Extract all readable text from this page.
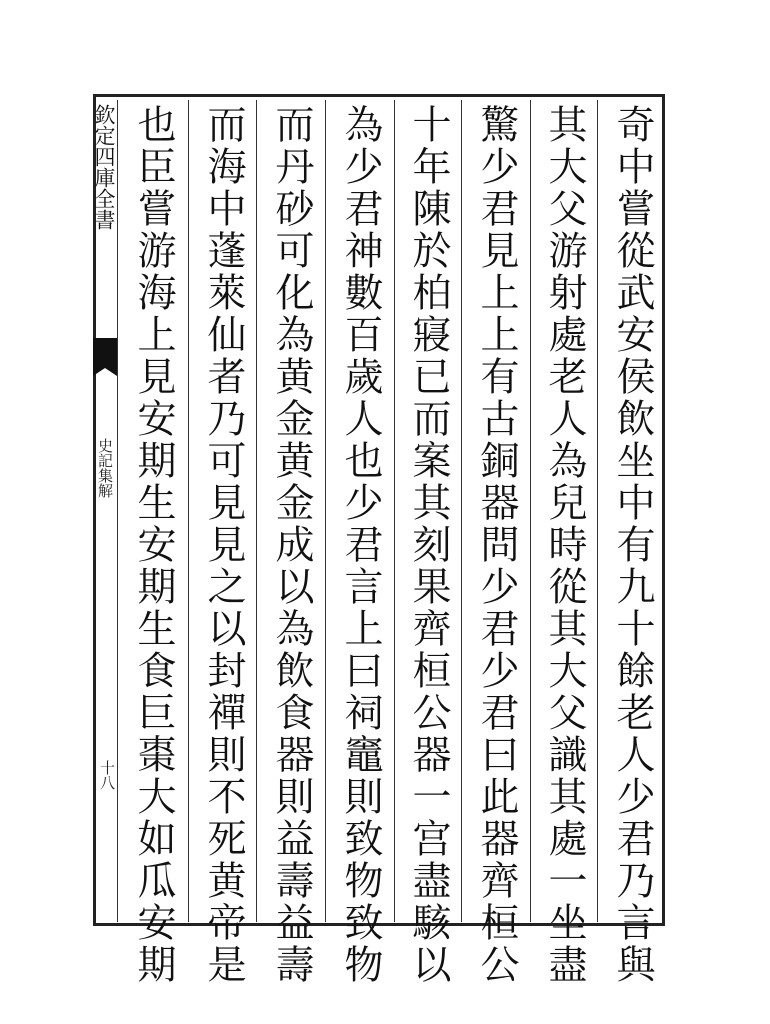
欽定四庫全書
史記集解
十八	奇中嘗從武安侯飲坐中有九十餘老人少君乃言與
其大父游射處老人為兒時從其大父識其處一坐盡
驚少君見上上有古銅器問少君少君曰此器齊桓公
十年陳於柏寢已而案其刻果齊桓公器一宫盡駭以
為少君神數百歲人也少君言上曰祠竈則致物致物
而丹砂可化為黄金黄金成以為飲食器則益壽益壽
而海中蓬萊仙者乃可見見之以封禪則不死黄帝是
也臣嘗游海上見安期生安期生食巨棗大如瓜安期
